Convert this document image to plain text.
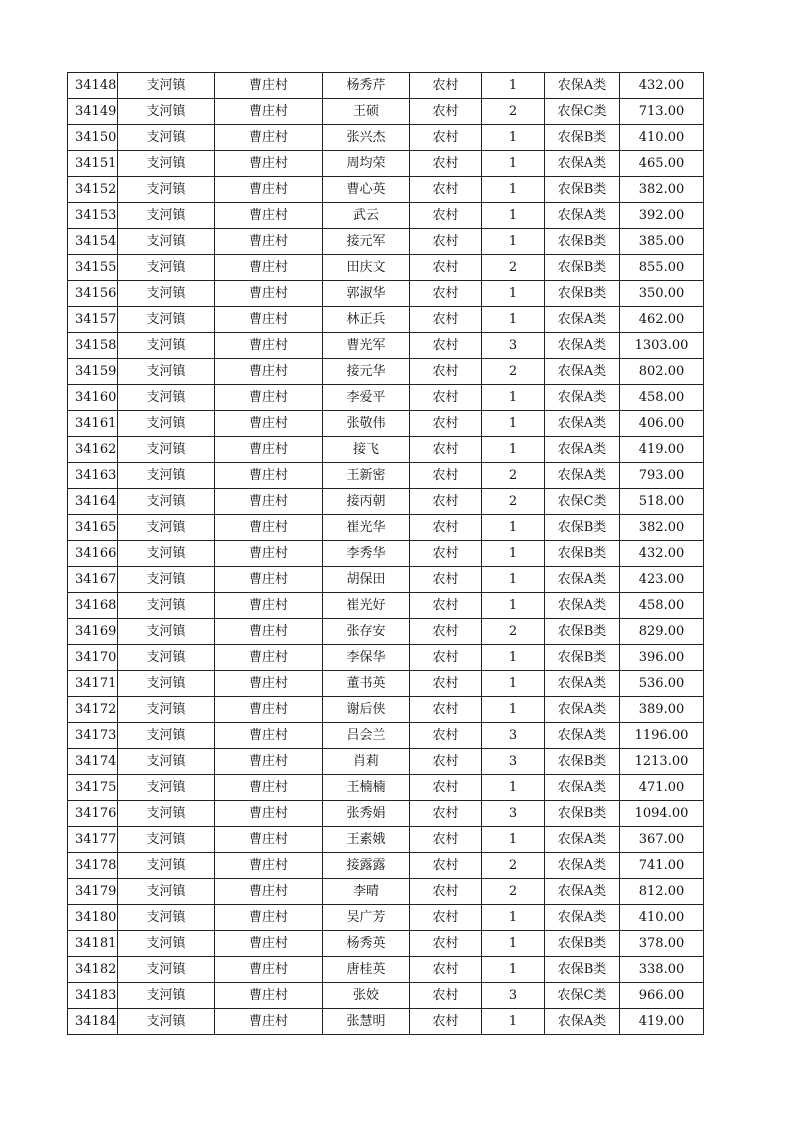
34148	支河镇	曹庄村	杨秀芹	农村	1	农保A类	432.00
34149	支河镇	曹庄村	王硕	农村	2	农保C类	713.00
34150	支河镇	曹庄村	张兴杰	农村	1	农保B类	410.00
34151	支河镇	曹庄村	周均荣	农村	1	农保A类	465.00
34152	支河镇	曹庄村	曹心英	农村	1	农保B类	382.00
34153	支河镇	曹庄村	武云	农村	1	农保A类	392.00
34154	支河镇	曹庄村	接元军	农村	1	农保B类	385.00
34155	支河镇	曹庄村	田庆文	农村	2	农保B类	855.00
34156	支河镇	曹庄村	郭淑华	农村	1	农保B类	350.00
34157	支河镇	曹庄村	林正兵	农村	1	农保A类	462.00
34158	支河镇	曹庄村	曹光军	农村	3	农保A类	1303.00
34159	支河镇	曹庄村	接元华	农村	2	农保A类	802.00
34160	支河镇	曹庄村	李爱平	农村	1	农保A类	458.00
34161	支河镇	曹庄村	张敬伟	农村	1	农保A类	406.00
34162	支河镇	曹庄村	接飞	农村	1	农保A类	419.00
34163	支河镇	曹庄村	王新密	农村	2	农保A类	793.00
34164	支河镇	曹庄村	接丙朝	农村	2	农保C类	518.00
34165	支河镇	曹庄村	崔光华	农村	1	农保B类	382.00
34166	支河镇	曹庄村	李秀华	农村	1	农保B类	432.00
34167	支河镇	曹庄村	胡保田	农村	1	农保A类	423.00
34168	支河镇	曹庄村	崔光好	农村	1	农保A类	458.00
34169	支河镇	曹庄村	张存安	农村	2	农保B类	829.00
34170	支河镇	曹庄村	李保华	农村	1	农保B类	396.00
34171	支河镇	曹庄村	董书英	农村	1	农保A类	536.00
34172	支河镇	曹庄村	谢后侠	农村	1	农保A类	389.00
34173	支河镇	曹庄村	吕会兰	农村	3	农保A类	1196.00
34174	支河镇	曹庄村	肖莉	农村	3	农保B类	1213.00
34175	支河镇	曹庄村	王楠楠	农村	1	农保A类	471.00
34176	支河镇	曹庄村	张秀娟	农村	3	农保B类	1094.00
34177	支河镇	曹庄村	王素娥	农村	1	农保A类	367.00
34178	支河镇	曹庄村	接露露	农村	2	农保A类	741.00
34179	支河镇	曹庄村	李晴	农村	2	农保A类	812.00
34180	支河镇	曹庄村	吴广芳	农村	1	农保A类	410.00
34181	支河镇	曹庄村	杨秀英	农村	1	农保B类	378.00
34182	支河镇	曹庄村	唐桂英	农村	1	农保B类	338.00
34183	支河镇	曹庄村	张姣	农村	3	农保C类	966.00
34184	支河镇	曹庄村	张慧明	农村	1	农保A类	419.00
